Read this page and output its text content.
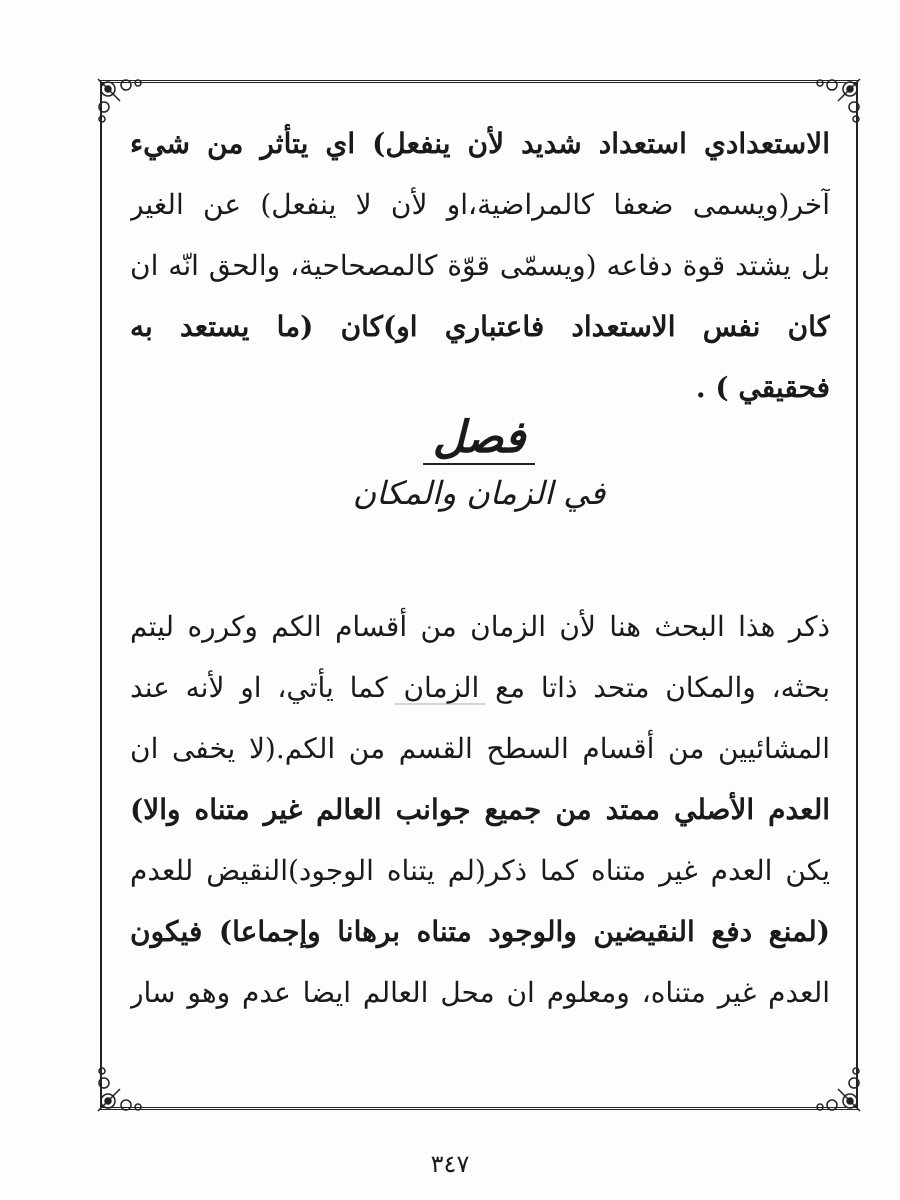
الاستعدادي استعداد شديد لأن ينفعل) اي يتأثر من شيء
آخر(ويسمى ضعفا كالمراضية،او لأن لا ينفعل) عن الغير
بل يشتد قوة دفاعه (ويسمّى قوّة كالمصحاحية، والحق انّه ان
كان نفس الاستعداد فاعتباري او)كان (ما يستعد به
فحقيقي ) .
فصل
في الزمان والمكان
ذكر هذا البحث هنا لأن الزمان من أقسام الكم وكرره ليتم
بحثه، والمكان متحد ذاتا مع الزمان كما يأتي، او لأنه عند
المشائيين من أقسام السطح القسم من الكم.(لا يخفى ان
العدم الأصلي ممتد من جميع جوانب العالم غير متناه والا)
يكن العدم غير متناه كما ذكر(لم يتناه الوجود)النقيض للعدم
(لمنع دفع النقيضين والوجود متناه برهانا وإجماعا) فيكون
العدم غير متناه، ومعلوم ان محل العالم ايضا عدم وهو سار
٣٤٧
